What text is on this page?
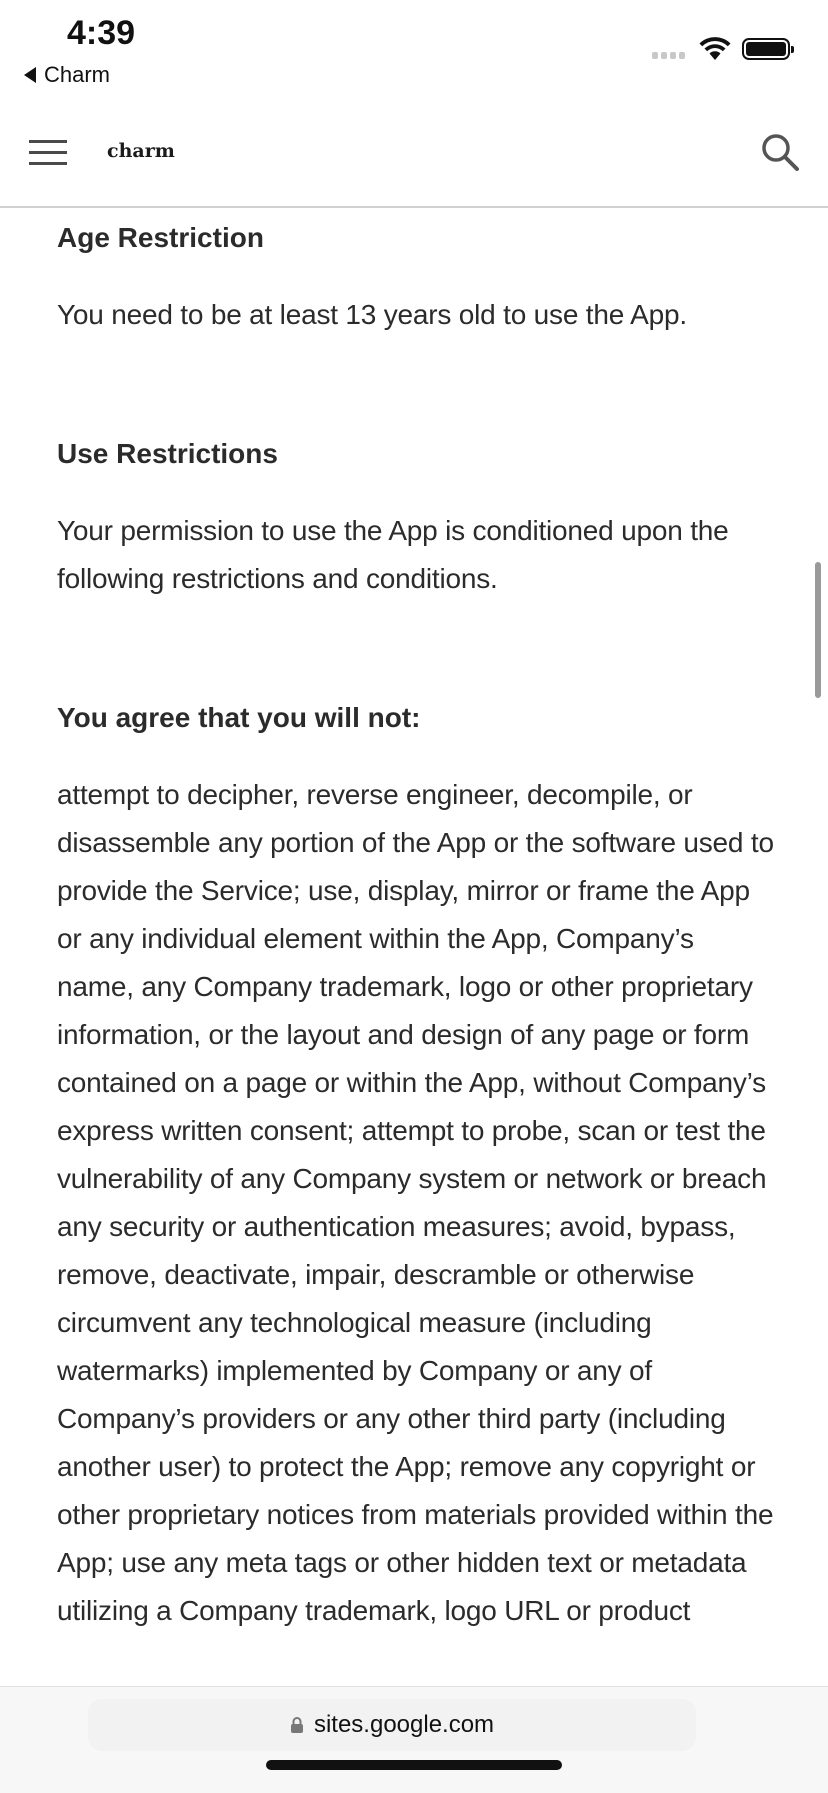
4:39
Charm
charm
Age Restriction

You need to be at least 13 years old to use the App.

Use Restrictions

Your permission to use the App is conditioned upon the following restrictions and conditions.

You agree that you will not:

attempt to decipher, reverse engineer, decompile, or disassemble any portion of the App or the software used to provide the Service; use, display, mirror or frame the App or any individual element within the App, Company’s name, any Company trademark, logo or other proprietary information, or the layout and design of any page or form contained on a page or within the App, without Company’s express written consent; attempt to probe, scan or test the vulnerability of any Company system or network or breach any security or authentication measures; avoid, bypass, remove, deactivate, impair, descramble or otherwise circumvent any technological measure (including watermarks) implemented by Company or any of Company’s providers or any other third party (including another user) to protect the App; remove any copyright or other proprietary notices from materials provided within the App; use any meta tags or other hidden text or metadata utilizing a Company trademark, logo URL or product

sites.google.com
